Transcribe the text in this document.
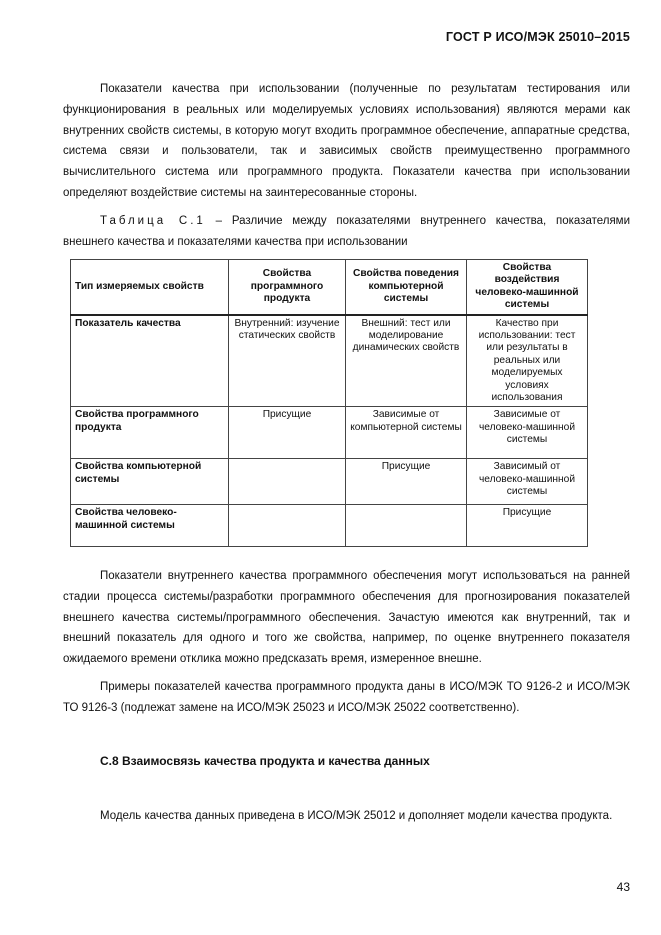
ГОСТ Р ИСО/МЭК 25010–2015

Показатели качества при использовании (полученные по результатам тестирования или функционирования в реальных или моделируемых условиях использования) являются мерами как внутренних свойств системы, в которую могут входить программное обеспечение, аппаратные средства, система связи и пользователи, так и зависимых свойств преимущественно программного вычислительного система или программного продукта. Показатели качества при использовании определяют воздействие системы на заинтересованные стороны.

Таблица С.1 – Различие между показателями внутреннего качества, показателями внешнего качества и показателями качества при использовании

Тип измеряемых свойств	Свойства программного продукта	Свойства поведения компьютерной системы	Свойства воздействия человеко-машинной системы
Показатель качества	Внутренний: изучение статических свойств	Внешний: тест или моделирование динамических свойств	Качество при использовании: тест или результаты в реальных или моделируемых условиях использования
Свойства программного продукта	Присущие	Зависимые от компьютерной системы	Зависимые от человеко-машинной системы
Свойства компьютерной системы		Присущие	Зависимый от человеко-машинной системы
Свойства человеко-машинной системы			Присущие

Показатели внутреннего качества программного обеспечения могут использоваться на ранней стадии процесса системы/разработки программного обеспечения для прогнозирования показателей внешнего качества системы/программного обеспечения. Зачастую имеются как внутренний, так и внешний показатель для одного и того же свойства, например, по оценке внутреннего показателя ожидаемого времени отклика можно предсказать время, измеренное внешне.

Примеры показателей качества программного продукта даны в ИСО/МЭК ТО 9126-2 и ИСО/МЭК ТО 9126-3 (подлежат замене на ИСО/МЭК 25023 и ИСО/МЭК 25022 соответственно).

С.8 Взаимосвязь качества продукта и качества данных

Модель качества данных приведена в ИСО/МЭК 25012 и дополняет модели качества продукта.

43
